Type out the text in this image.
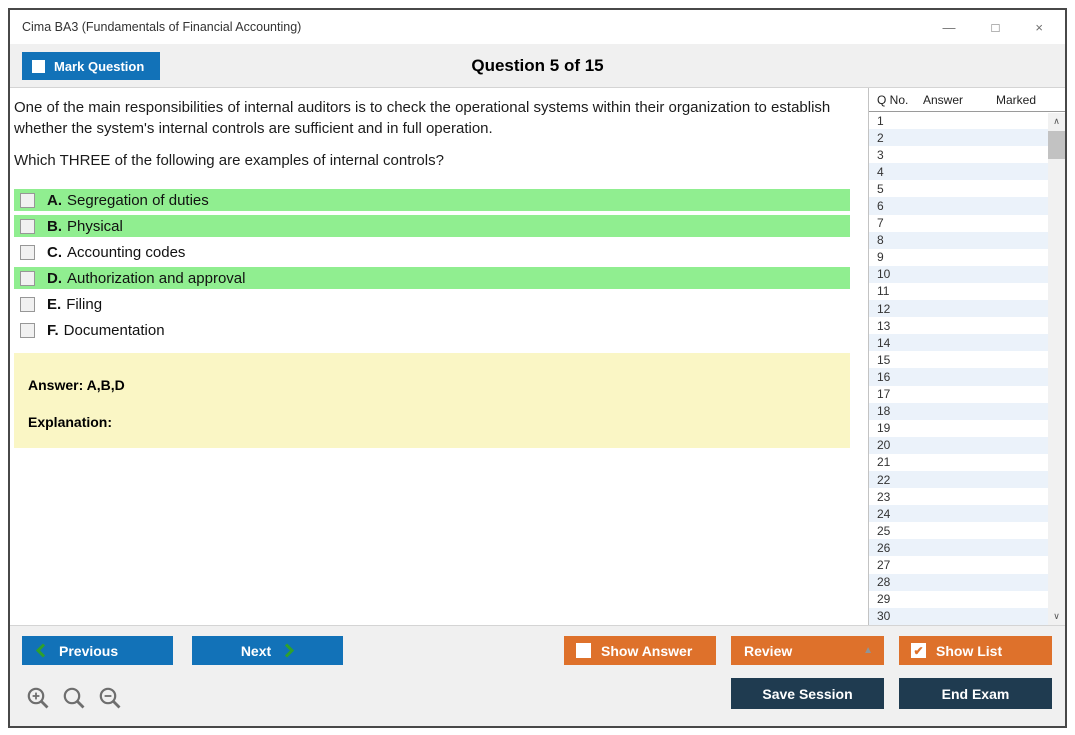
Cima BA3 (Fundamentals of Financial Accounting)	—	□	×
Mark Question	Question 5 of 15
One of the main responsibilities of internal auditors is to check the operational systems within their organization to establish whether the system's internal controls are sufficient and in full operation.
Which THREE of the following are examples of internal controls?
A. Segregation of duties
B. Physical
C. Accounting codes
D. Authorization and approval
E. Filing
F. Documentation
Answer: A,B,D
Explanation:
Q No.	Answer	Marked
1
2
3
4
5
6
7
8
9
10
11
12
13
14
15
16
17
18
19
20
21
22
23
24
25
26
27
28
29
30
∧
∨
Previous	Next	Show Answer	Review	▲	✔ Show List
Save Session	End Exam
